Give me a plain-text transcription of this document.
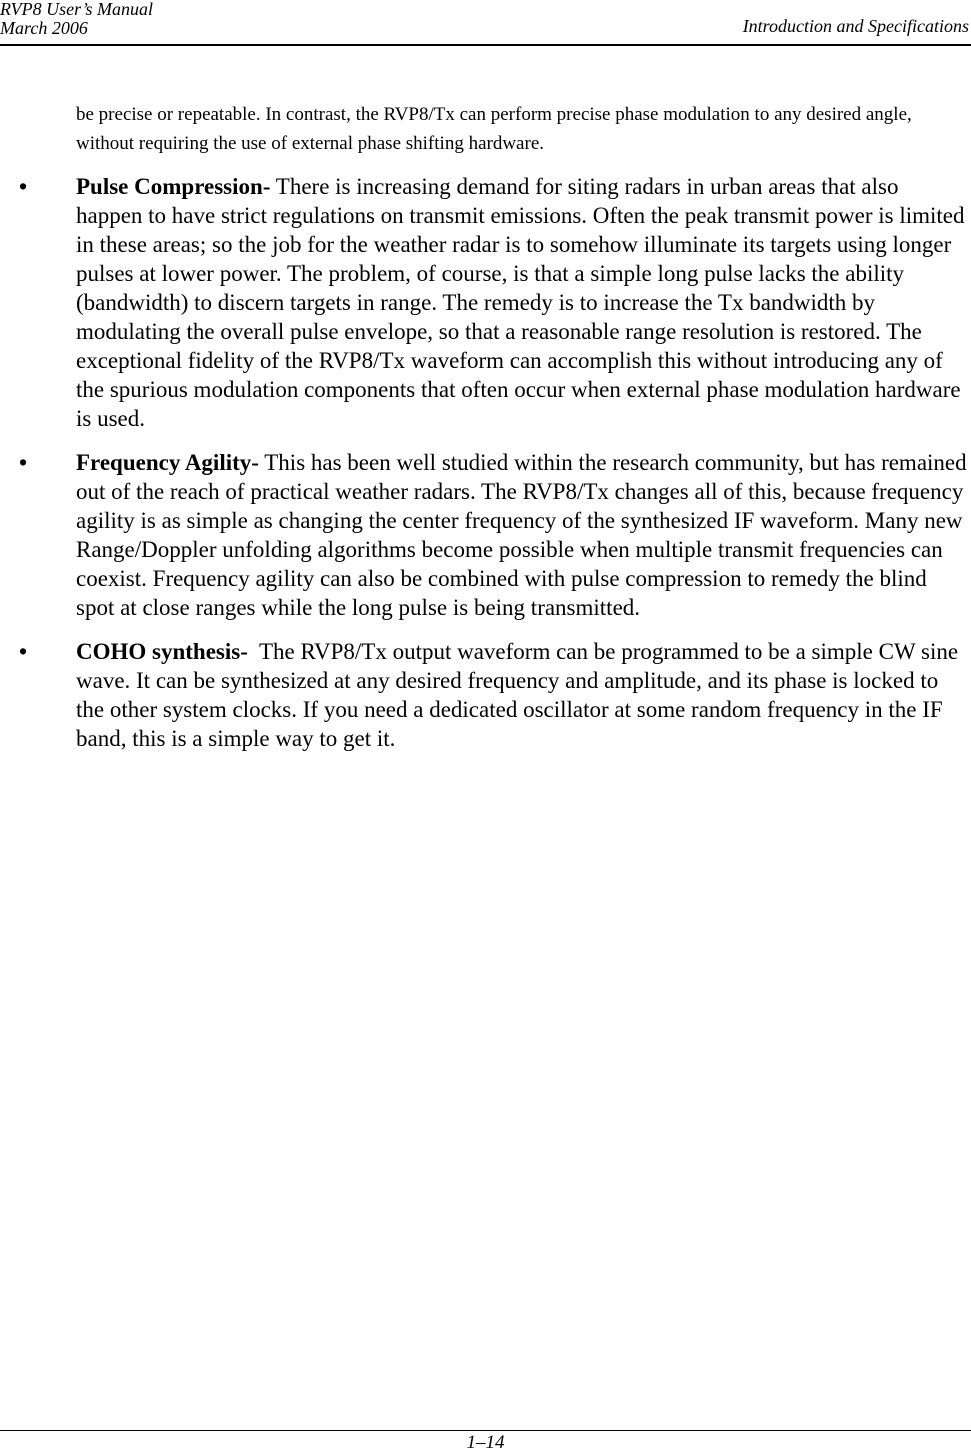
RVP8 User’s Manual
March 2006	Introduction and Specifications

be precise or repeatable. In contrast, the RVP8/Tx can perform precise phase modulation to any desired angle, without requiring the use of external phase shifting hardware.

• Pulse Compression- There is increasing demand for siting radars in urban areas that also happen to have strict regulations on transmit emissions. Often the peak transmit power is limited in these areas; so the job for the weather radar is to somehow illuminate its targets using longer pulses at lower power. The problem, of course, is that a simple long pulse lacks the ability (bandwidth) to discern targets in range. The remedy is to increase the Tx bandwidth by modulating the overall pulse envelope, so that a reasonable range resolution is restored. The exceptional fidelity of the RVP8/Tx waveform can accomplish this without introducing any of the spurious modulation components that often occur when external phase modulation hardware is used.
• Frequency Agility- This has been well studied within the research community, but has remained out of the reach of practical weather radars. The RVP8/Tx changes all of this, because frequency agility is as simple as changing the center frequency of the synthesized IF waveform. Many new Range/Doppler unfolding algorithms become possible when multiple transmit frequencies can coexist. Frequency agility can also be combined with pulse compression to remedy the blind spot at close ranges while the long pulse is being transmitted.
• COHO synthesis-  The RVP8/Tx output waveform can be programmed to be a simple CW sine wave. It can be synthesized at any desired frequency and amplitude, and its phase is locked to the other system clocks. If you need a dedicated oscillator at some random frequency in the IF band, this is a simple way to get it.
1–14
